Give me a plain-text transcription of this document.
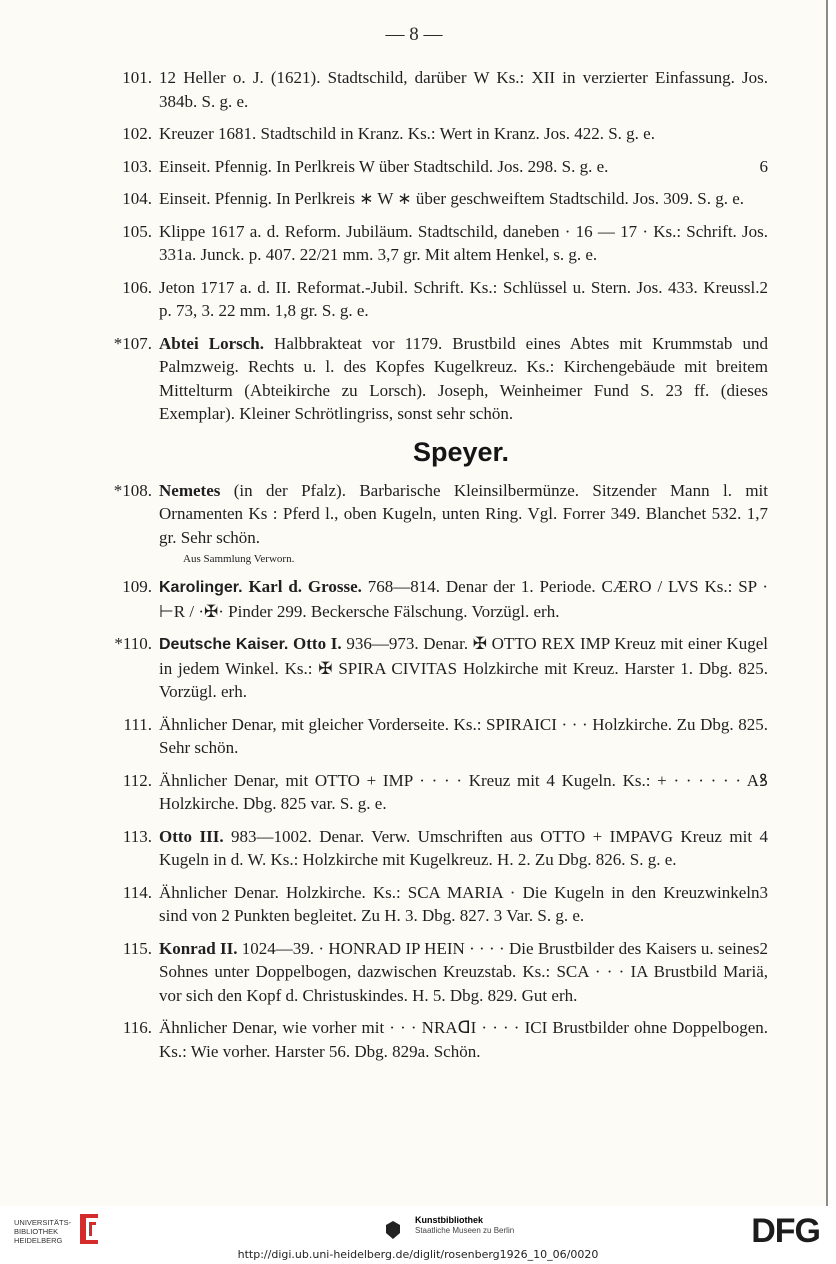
— 8 —
101. 12 Heller o. J. (1621). Stadtschild, darüber W Ks.: XII in verzierter Einfassung. Jos. 384b. S. g. e.
102. Kreuzer 1681. Stadtschild in Kranz. Ks.: Wert in Kranz. Jos. 422. S. g. e.
103.	6
Einseit. Pfennig. In Perlkreis W über Stadtschild. Jos. 298. S. g. e.
104. Einseit. Pfennig. In Perlkreis ∗ W ∗ über geschweiftem Stadtschild. Jos. 309. S. g. e.
105. Klippe 1617 a. d. Reform. Jubiläum. Stadtschild, daneben · 16 — 17 · Ks.: Schrift. Jos. 331a. Junck. p. 407. 22/21 mm. 3,7 gr. Mit altem Henkel, s. g. e.
106.	2
Jeton 1717 a. d. II. Reformat.-Jubil. Schrift. Ks.: Schlüssel u. Stern. Jos. 433. Kreussl. p. 73, 3. 22 mm. 1,8 gr. S. g. e.
*107. Abtei Lorsch. Halbbrakteat vor 1179. Brustbild eines Abtes mit Krummstab und Palmzweig. Rechts u. l. des Kopfes Kugelkreuz. Ks.: Kirchengebäude mit breitem Mittelturm (Abteikirche zu Lorsch). Joseph, Weinheimer Fund S. 23 ff. (dieses Exemplar). Kleiner Schrötlingriss, sonst sehr schön.
Speyer.
*108. Nemetes (in der Pfalz). Barbarische Kleinsilbermünze. Sitzender Mann l. mit Ornamenten Ks : Pferd l., oben Kugeln, unten Ring. Vgl. Forrer 349. Blanchet 532. 1,7 gr. Sehr schön.
Aus Sammlung Verworn.
109. Karolinger. Karl d. Grosse. 768—814. Denar der 1. Periode. CÆRO / LVS Ks.: SP · ⊢R / ·✠· Pinder 299. Beckersche Fälschung. Vorzügl. erh.
*110. Deutsche Kaiser. Otto I. 936—973. Denar. ✠ OTTO REX IMP Kreuz mit einer Kugel in jedem Winkel. Ks.: ✠ SPIRA CIVITAS Holzkirche mit Kreuz. Harster 1. Dbg. 825. Vorzügl. erh.
111. Ähnlicher Denar, mit gleicher Vorderseite. Ks.: SPIRAICI · · · Holzkirche. Zu Dbg. 825. Sehr schön.
112. Ähnlicher Denar, mit OTTO + IMP · · · · Kreuz mit 4 Kugeln. Ks.: + · · · · · · Aꝸ Holzkirche. Dbg. 825 var. S. g. e.
113. Otto III. 983—1002. Denar. Verw. Umschriften aus OTTO + IMPAVG Kreuz mit 4 Kugeln in d. W. Ks.: Holzkirche mit Kugelkreuz. H. 2. Zu Dbg. 826. S. g. e.
114.	3
Ähnlicher Denar. Holzkirche. Ks.: SCA MARIA · Die Kugeln in den Kreuzwinkeln sind von 2 Punkten begleitet. Zu H. 3. Dbg. 827. 3 Var. S. g. e.
115.	2
Konrad II. 1024—39. · HONRAD IP HEIN · · · · Die Brustbilder des Kaisers u. seines Sohnes unter Doppelbogen, dazwischen Kreuzstab. Ks.: SCA · · · IA Brustbild Mariä, vor sich den Kopf d. Christuskindes. H. 5. Dbg. 829. Gut erh.
116. Ähnlicher Denar, wie vorher mit · · · NRAᗡI · · · · ICI Brustbilder ohne Doppelbogen. Ks.: Wie vorher. Harster 56. Dbg. 829a. Schön.
UNIVERSITÄTS-
BIBLIOTHEK
HEIDELBERG
Kunstbibliothek
Staatliche Museen zu Berlin	DFG
http://digi.ub.uni-heidelberg.de/diglit/rosenberg1926_10_06/0020
